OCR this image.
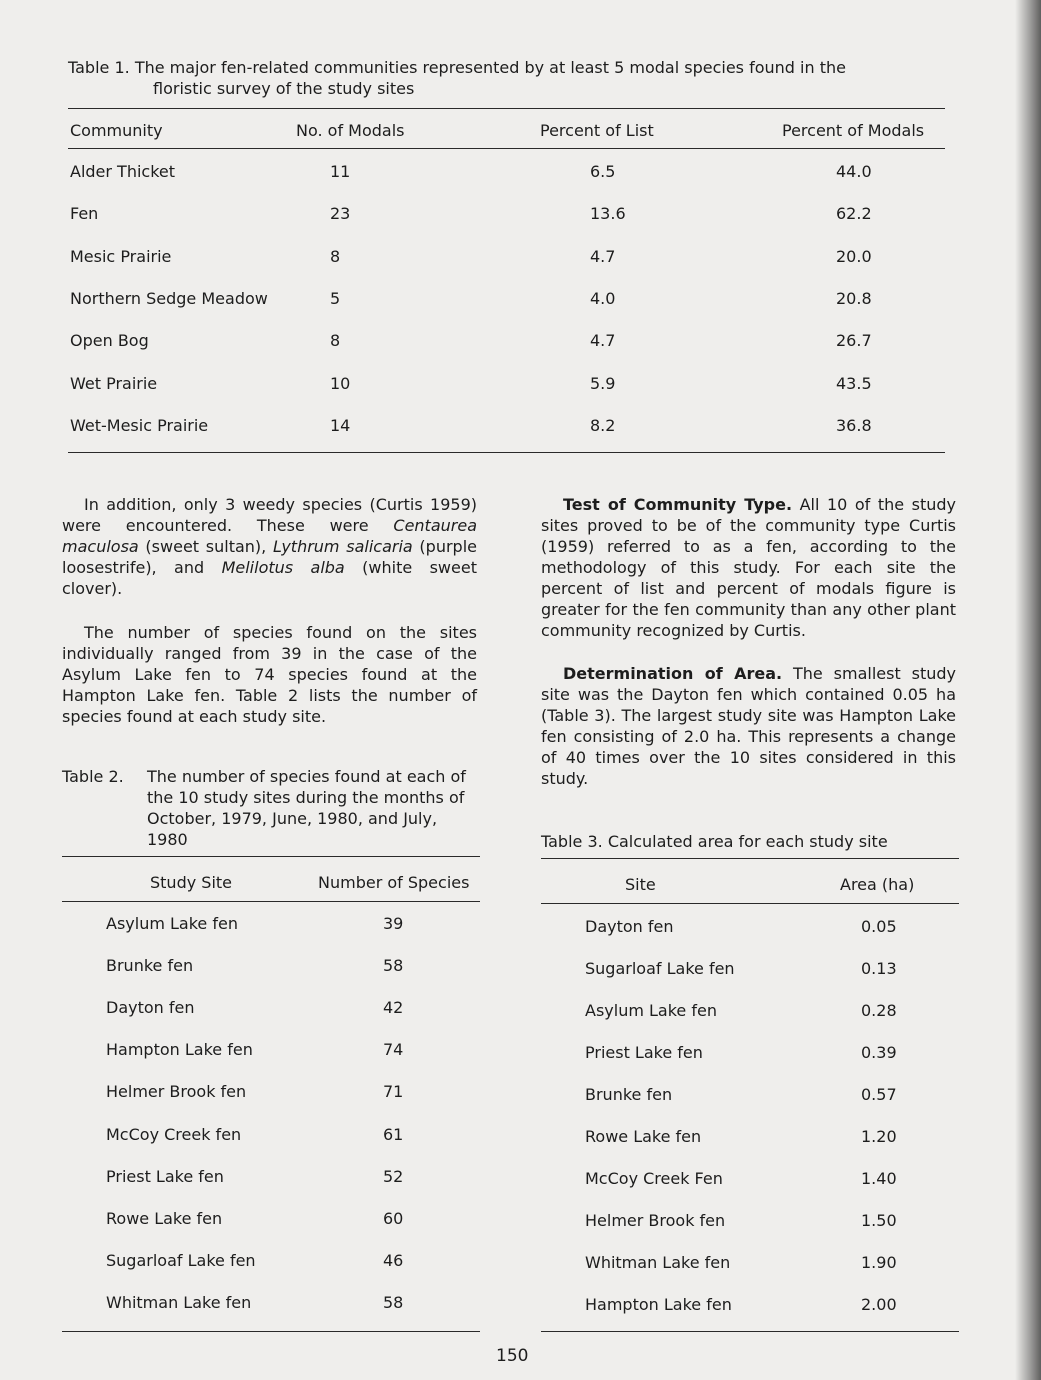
Table 1. The major fen-related communities represented by at least 5 modal species found in the
floristic survey of the study sites
Community	No. of Modals	Percent of List	Percent of Modals
Alder Thicket	11	6.5	44.0
Fen	23	13.6	62.2
Mesic Prairie	8	4.7	20.0
Northern Sedge Meadow	5	4.0	20.8
Open Bog	8	4.7	26.7
Wet Prairie	10	5.9	43.5
Wet-Mesic Prairie	14	8.2	36.8
In addition, only 3 weedy species (Curtis 1959) were encountered. These were Centaurea maculosa (sweet sultan), Lythrum salicaria (purple loosestrife), and Melilotus alba (white sweet clover).
The number of species found on the sites individually ranged from 39 in the case of the Asylum Lake fen to 74 species found at the Hampton Lake fen. Table 2 lists the number of species found at each study site.
Test of Community Type. All 10 of the study sites proved to be of the community type Curtis (1959) referred to as a fen, according to the methodology of this study. For each site the percent of list and percent of modals figure is greater for the fen community than any other plant community recognized by Curtis.
Determination of Area. The smallest study site was the Dayton fen which contained 0.05 ha (Table 3). The largest study site was Hampton Lake fen consisting of 2.0 ha. This represents a change of 40 times over the 10 sites considered in this study.
Table 2. The number of species found at each of
the 10 study sites during the months of
October, 1979, June, 1980, and July,
1980
Study Site	Number of Species
Asylum Lake fen	39
Brunke fen	58
Dayton fen	42
Hampton Lake fen	74
Helmer Brook fen	71
McCoy Creek fen	61
Priest Lake fen	52
Rowe Lake fen	60
Sugarloaf Lake fen	46
Whitman Lake fen	58
Table 3. Calculated area for each study site
Site	Area (ha)
Dayton fen	0.05
Sugarloaf Lake fen	0.13
Asylum Lake fen	0.28
Priest Lake fen	0.39
Brunke fen	0.57
Rowe Lake fen	1.20
McCoy Creek Fen	1.40
Helmer Brook fen	1.50
Whitman Lake fen	1.90
Hampton Lake fen	2.00
150
